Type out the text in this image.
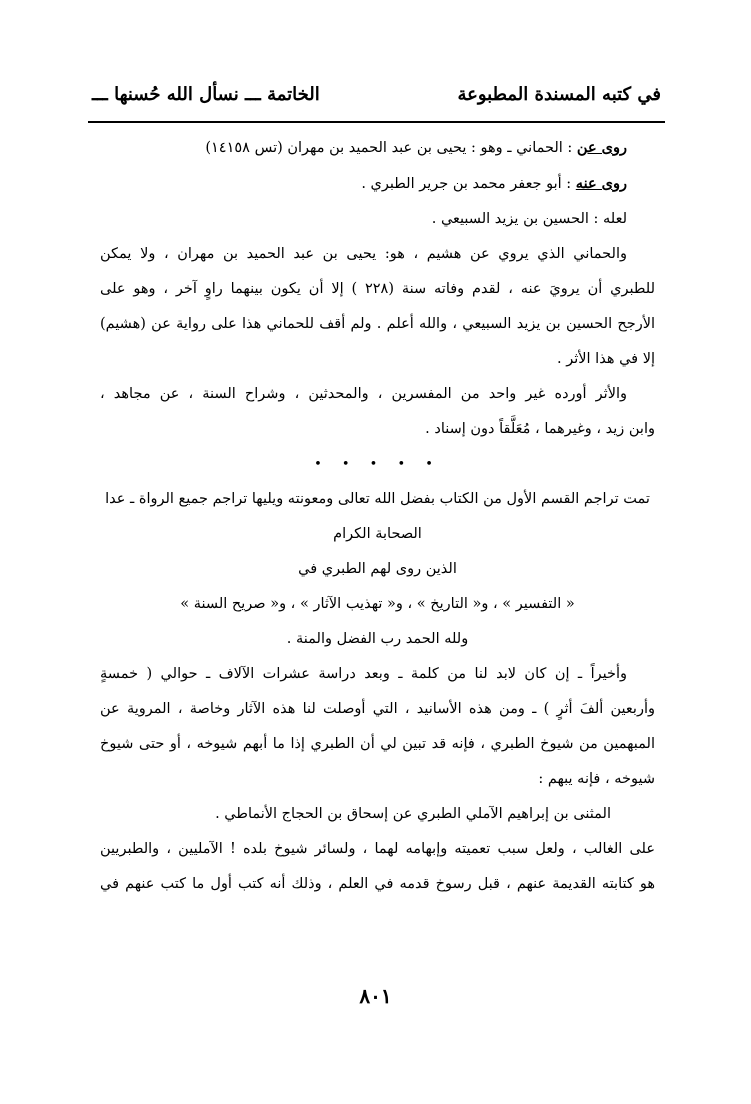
في كتبه المسندة المطبوعة
الخاتمة ـــ نسأل الله حُسنها ـــ
روى عن : الحماني ـ وهو : يحيى بن عبد الحميد بن مهران (تس ١٤١٥٨)
روى عنه : أبو جعفر محمد بن جرير الطبري .
لعله : الحسين بن يزيد السبيعي .
والحماني الذي يروي عن هشيم ، هو: يحيى بن عبد الحميد بن مهران ، ولا يمكن
للطبري أن يرويَ عنه ، لقدم وفاته سنة (٢٢٨ ) إلا أن يكون بينهما راوٍ آخر ، وهو على
الأرجح الحسين بن يزيد السبيعي ، والله أعلم . ولم أقف للحماني هذا على رواية عن (هشيم)
إلا في هذا الأثر .
والأثر أورده غير واحد من المفسرين ، والمحدثين ، وشراح السنة ، عن مجاهد ،
وابن زيد ، وغيرهما ، مُعَلَّقاً دون إسناد .
• • • • •
تمت تراجم القسم الأول من الكتاب بفضل الله تعالى ومعونته ويليها تراجم جميع الرواة ـ عدا
الصحابة الكرام
الذين روى لهم الطبري في
« التفسير » ، و« التاريخ » ، و« تهذيب الآثار » ، و« صريح السنة »
ولله الحمد رب الفضل والمنة .
وأخيراً ـ إن كان لابد لنا من كلمة ـ وبعد دراسة عشرات الآلاف ـ حوالي ( خمسةٍ
وأربعين ألفَ أثرٍ ) ـ ومن هذه الأسانيد ، التي أوصلت لنا هذه الآثار وخاصة ، المروية عن
المبهمين من شيوخ الطبري ، فإنه قد تبين لي أن الطبري إذا ما أبهم شيوخه ، أو حتى شيوخ
شيوخه ، فإنه يبهم :
المثنى بن إبراهيم الآملي الطبري عن إسحاق بن الحجاج الأنماطي .
على الغالب ، ولعل سبب تعميته وإبهامه لهما ، ولسائر شيوخ بلده ! الآمليين ، والطبريين
هو كتابته القديمة عنهم ، قبل رسوخ قدمه في العلم ، وذلك أنه كتب أول ما كتب عنهم في
٨٠١
